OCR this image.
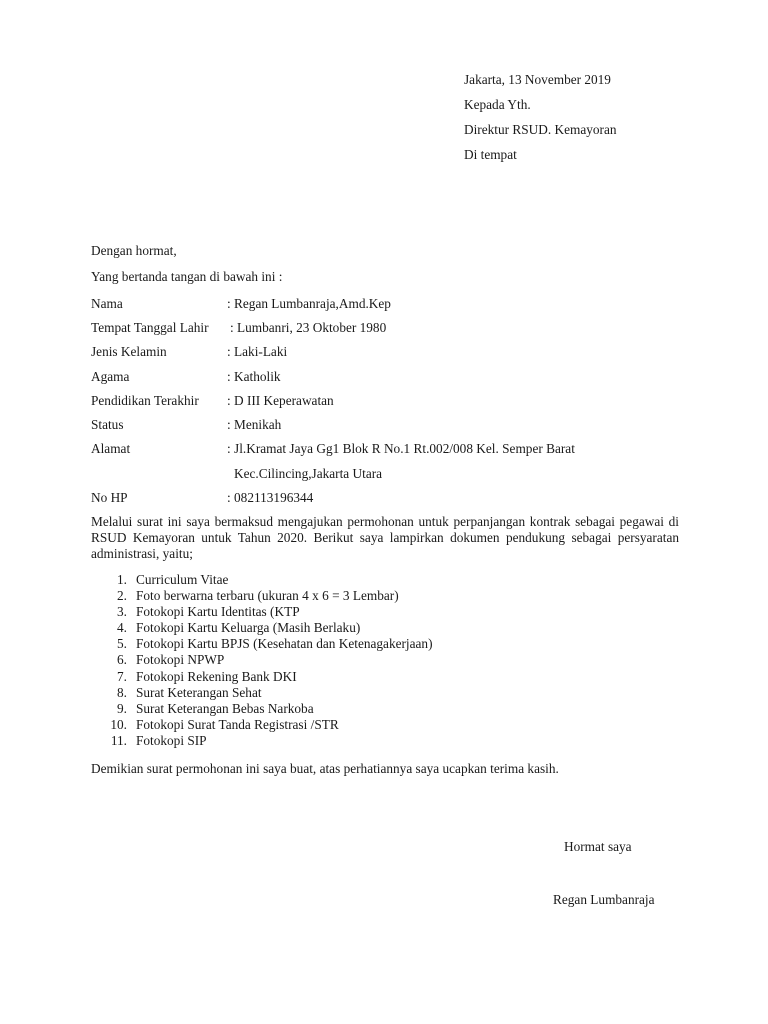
Jakarta, 13 November 2019
Kepada Yth.
Direktur RSUD. Kemayoran
Di tempat
Dengan hormat,
Yang bertanda tangan di bawah ini :
Nama	: Regan Lumbanraja,Amd.Kep
Tempat Tanggal Lahir : Lumbanri, 23 Oktober 1980
Jenis Kelamin	: Laki-Laki
Agama	: Katholik
Pendidikan Terakhir : D III Keperawatan
Status	: Menikah
Alamat	: Jl.Kramat Jaya Gg1 Blok R No.1 Rt.002/008 Kel. Semper Barat
Kec.Cilincing,Jakarta Utara
No HP	: 082113196344
Melalui surat ini saya bermaksud mengajukan permohonan untuk perpanjangan kontrak sebagai pegawai di RSUD Kemayoran untuk Tahun 2020. Berikut saya lampirkan dokumen pendukung sebagai persyaratan administrasi, yaitu;
1. Curriculum Vitae
2. Foto berwarna terbaru (ukuran 4 x 6 = 3 Lembar)
3. Fotokopi Kartu Identitas (KTP
4. Fotokopi Kartu Keluarga (Masih Berlaku)
5. Fotokopi Kartu BPJS (Kesehatan dan Ketenagakerjaan)
6. Fotokopi NPWP
7. Fotokopi Rekening Bank DKI
8. Surat Keterangan Sehat
9. Surat Keterangan Bebas Narkoba
10. Fotokopi Surat Tanda Registrasi /STR
11. Fotokopi SIP
Demikian surat permohonan ini saya buat, atas perhatiannya saya ucapkan terima kasih.
Hormat saya
Regan Lumbanraja
